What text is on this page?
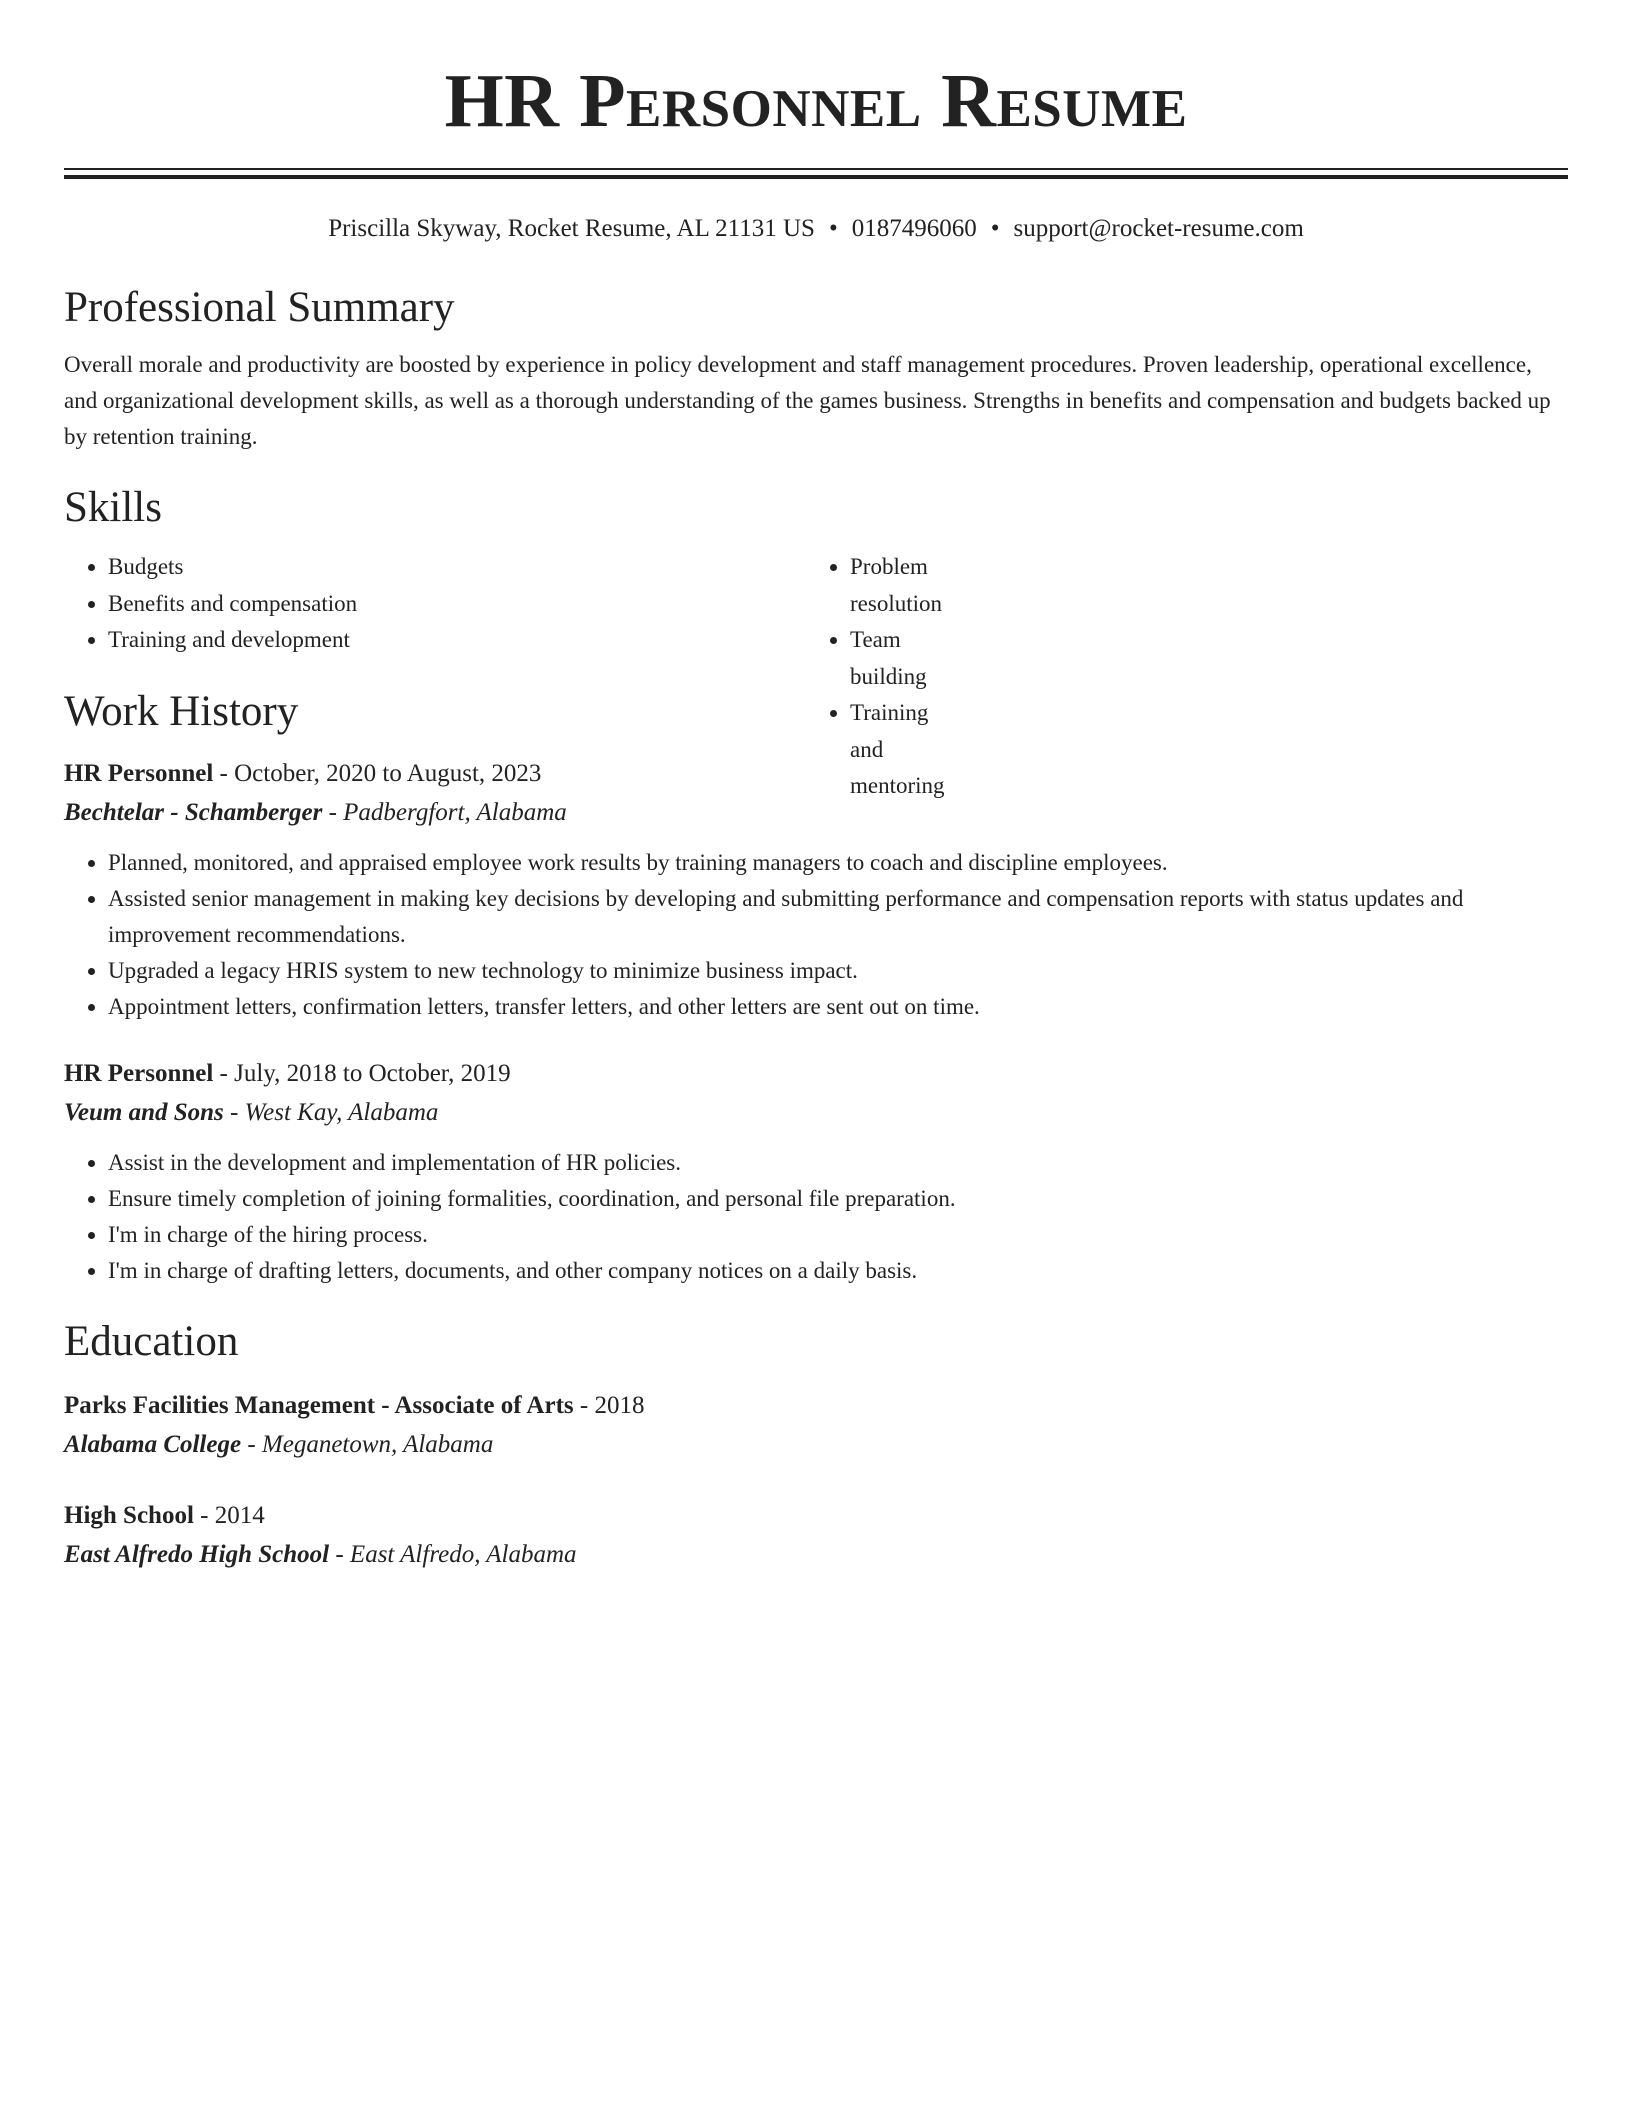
HR Personnel Resume
Priscilla Skyway, Rocket Resume, AL 21131 US • 0187496060 • support@rocket-resume.com
Professional Summary
Overall morale and productivity are boosted by experience in policy development and staff management procedures. Proven leadership, operational excellence, and organizational development skills, as well as a thorough understanding of the games business. Strengths in benefits and compensation and budgets backed up by retention training.
Skills
• Budgets
• Benefits and compensation
• Training and development
Problem resolution
Team building
Training and mentoring
Work History
HR Personnel - October, 2020 to August, 2023
Bechtelar - Schamberger - Padbergfort, Alabama
• Planned, monitored, and appraised employee work results by training managers to coach and discipline employees.
• Assisted senior management in making key decisions by developing and submitting performance and compensation reports with status updates and improvement recommendations.
• Upgraded a legacy HRIS system to new technology to minimize business impact.
• Appointment letters, confirmation letters, transfer letters, and other letters are sent out on time.
HR Personnel - July, 2018 to October, 2019
Veum and Sons - West Kay, Alabama
• Assist in the development and implementation of HR policies.
• Ensure timely completion of joining formalities, coordination, and personal file preparation.
• I'm in charge of the hiring process.
• I'm in charge of drafting letters, documents, and other company notices on a daily basis.
Education
Parks Facilities Management - Associate of Arts - 2018
Alabama College - Meganetown, Alabama
High School - 2014
East Alfredo High School - East Alfredo, Alabama
